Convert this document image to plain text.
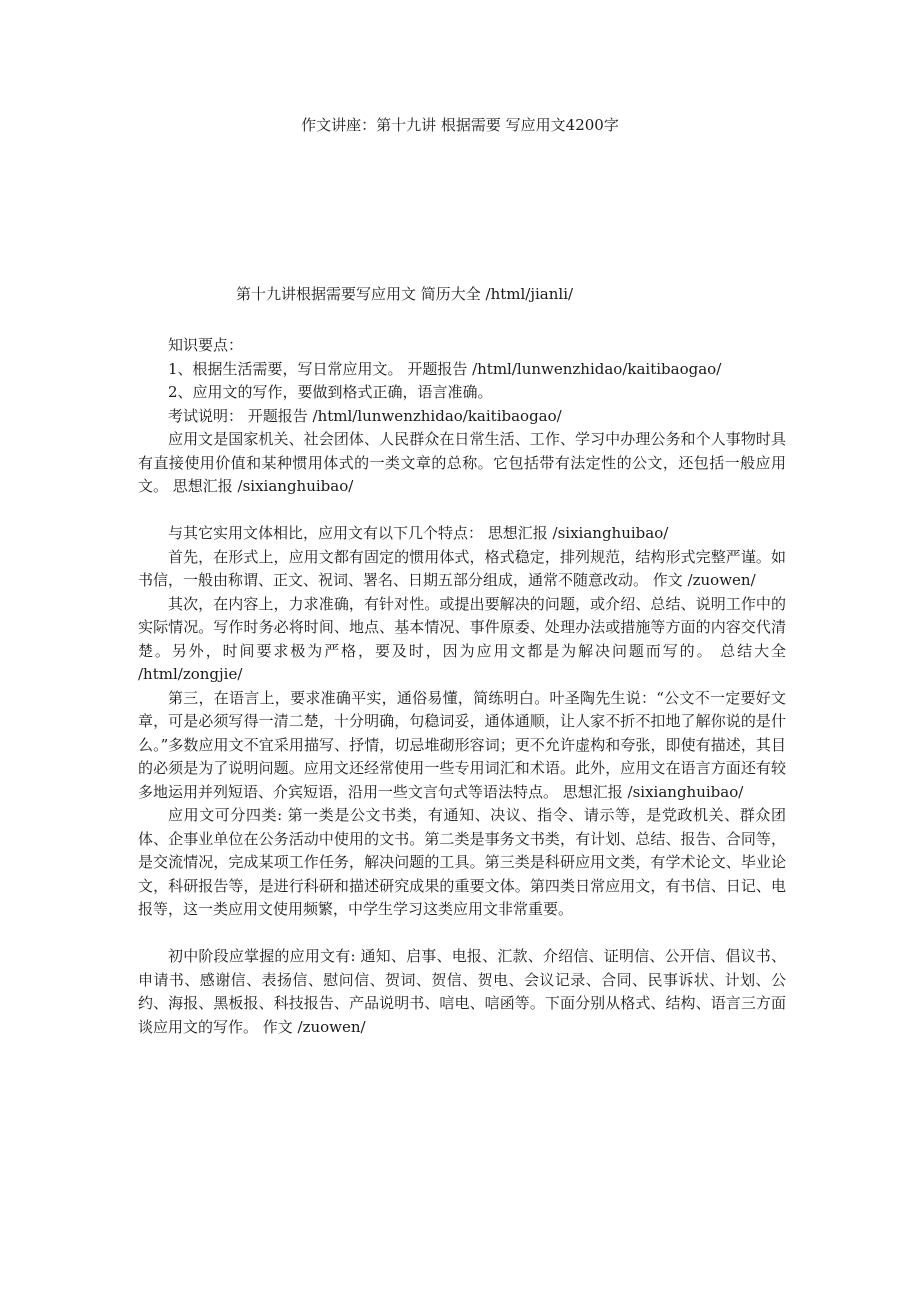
作文讲座：第十九讲 根据需要 写应用文4200字
第十九讲根据需要写应用文 简历大全 /html/jianli/

知识要点：

1、根据生活需要，写日常应用文。 开题报告 /html/lunwenzhidao/kaitibaogao/

2、应用文的写作，要做到格式正确，语言准确。

考试说明： 开题报告 /html/lunwenzhidao/kaitibaogao/

应用文是国家机关、社会团体、人民群众在日常生活、工作、学习中办理公务和个人事物时具有直接使用价值和某种惯用体式的一类文章的总称。它包括带有法定性的公文，还包括一般应用文。 思想汇报 /sixianghuibao/

与其它实用文体相比，应用文有以下几个特点： 思想汇报 /sixianghuibao/

首先，在形式上，应用文都有固定的惯用体式，格式稳定，排列规范，结构形式完整严谨。如书信，一般由称谓、正文、祝词、署名、日期五部分组成，通常不随意改动。 作文 /zuowen/

其次，在内容上，力求准确，有针对性。或提出要解决的问题，或介绍、总结、说明工作中的实际情况。写作时务必将时间、地点、基本情况、事件原委、处理办法或措施等方面的内容交代清楚。另外，时间要求极为严格，要及时，因为应用文都是为解决问题而写的。 总结大全 /html/zongjie/

第三，在语言上，要求准确平实，通俗易懂，简练明白。叶圣陶先生说：“公文不一定要好文章，可是必须写得一清二楚，十分明确，句稳词妥，通体通顺，让人家不折不扣地了解你说的是什么。”多数应用文不宜采用描写、抒情，切忌堆砌形容词；更不允许虚构和夸张，即使有描述，其目的必须是为了说明问题。应用文还经常使用一些专用词汇和术语。此外，应用文在语言方面还有较多地运用并列短语、介宾短语，沿用一些文言句式等语法特点。 思想汇报 /sixianghuibao/

应用文可分四类: 第一类是公文书类，有通知、决议、指令、请示等，是党政机关、群众团体、企事业单位在公务活动中使用的文书。第二类是事务文书类，有计划、总结、报告、合同等，是交流情况，完成某项工作任务，解决问题的工具。第三类是科研应用文类，有学术论文、毕业论文，科研报告等，是进行科研和描述研究成果的重要文体。第四类日常应用文，有书信、日记、电报等，这一类应用文使用频繁，中学生学习这类应用文非常重要。

初中阶段应掌握的应用文有: 通知、启事、电报、汇款、介绍信、证明信、公开信、倡议书、申请书、感谢信、表扬信、慰问信、贺词、贺信、贺电、会议记录、合同、民事诉状、计划、公约、海报、黑板报、科技报告、产品说明书、唁电、唁函等。下面分别从格式、结构、语言三方面谈应用文的写作。 作文 /zuowen/
